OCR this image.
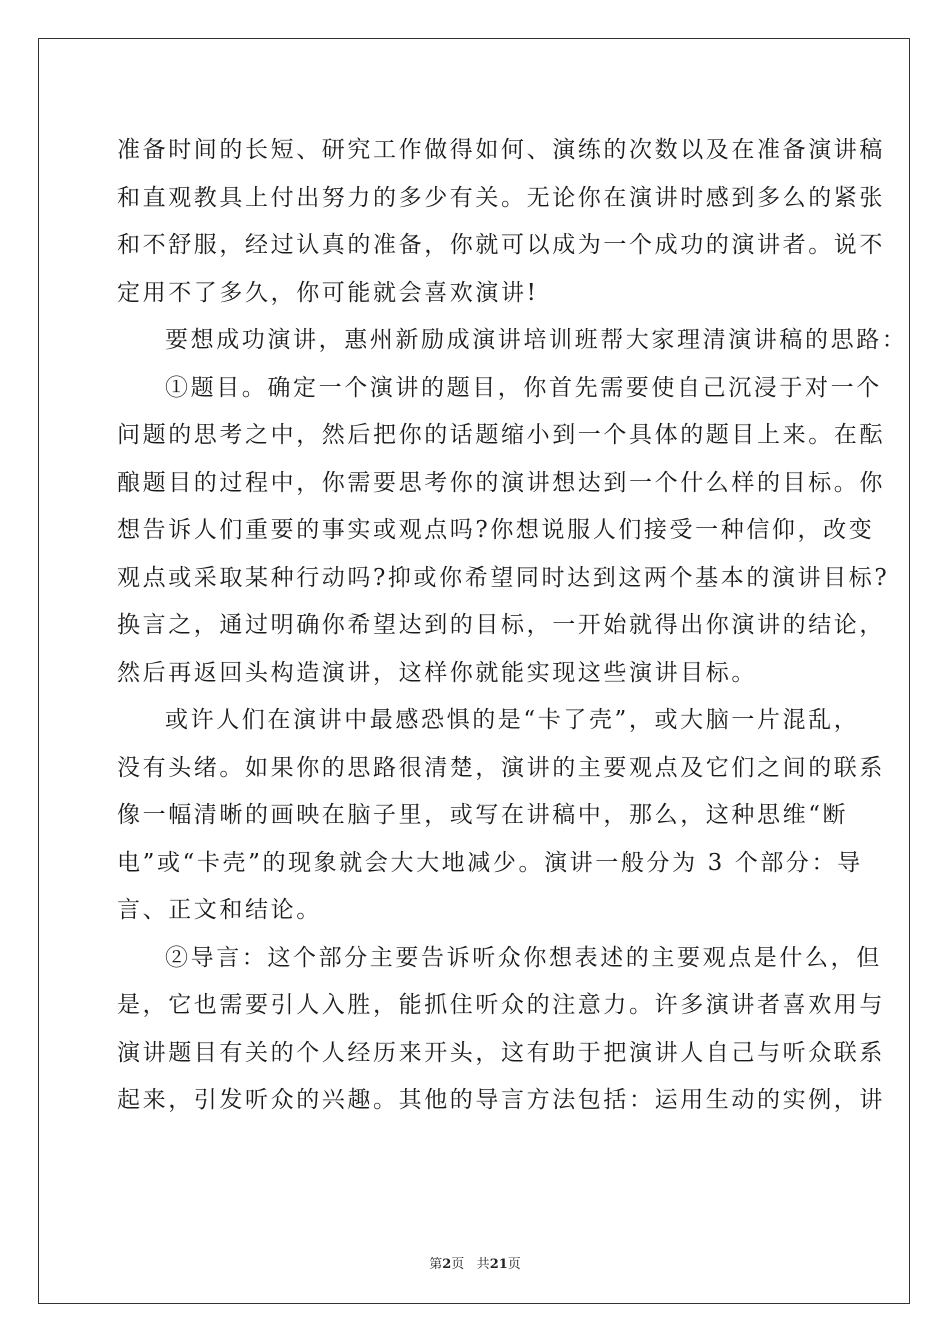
准备时间的长短、研究工作做得如何、演练的次数以及在准备演讲稿
和直观教具上付出努力的多少有关。无论你在演讲时感到多么的紧张
和不舒服，经过认真的准备，你就可以成为一个成功的演讲者。说不
定用不了多久，你可能就会喜欢演讲!
要想成功演讲，惠州新励成演讲培训班帮大家理清演讲稿的思路：
①题目。确定一个演讲的题目，你首先需要使自己沉浸于对一个
问题的思考之中，然后把你的话题缩小到一个具体的题目上来。在酝
酿题目的过程中，你需要思考你的演讲想达到一个什么样的目标。你
想告诉人们重要的事实或观点吗?你想说服人们接受一种信仰，改变
观点或采取某种行动吗?抑或你希望同时达到这两个基本的演讲目标?
换言之，通过明确你希望达到的目标，一开始就得出你演讲的结论，
然后再返回头构造演讲，这样你就能实现这些演讲目标。
或许人们在演讲中最感恐惧的是“卡了壳”，或大脑一片混乱，
没有头绪。如果你的思路很清楚，演讲的主要观点及它们之间的联系
像一幅清晰的画映在脑子里，或写在讲稿中，那么，这种思维“断
电”或“卡壳”的现象就会大大地减少。演讲一般分为 3 个部分：导
言、正文和结论。
②导言：这个部分主要告诉听众你想表述的主要观点是什么，但
是，它也需要引人入胜，能抓住听众的注意力。许多演讲者喜欢用与
演讲题目有关的个人经历来开头，这有助于把演讲人自己与听众联系
起来，引发听众的兴趣。其他的导言方法包括：运用生动的实例，讲
第2页 共21页
